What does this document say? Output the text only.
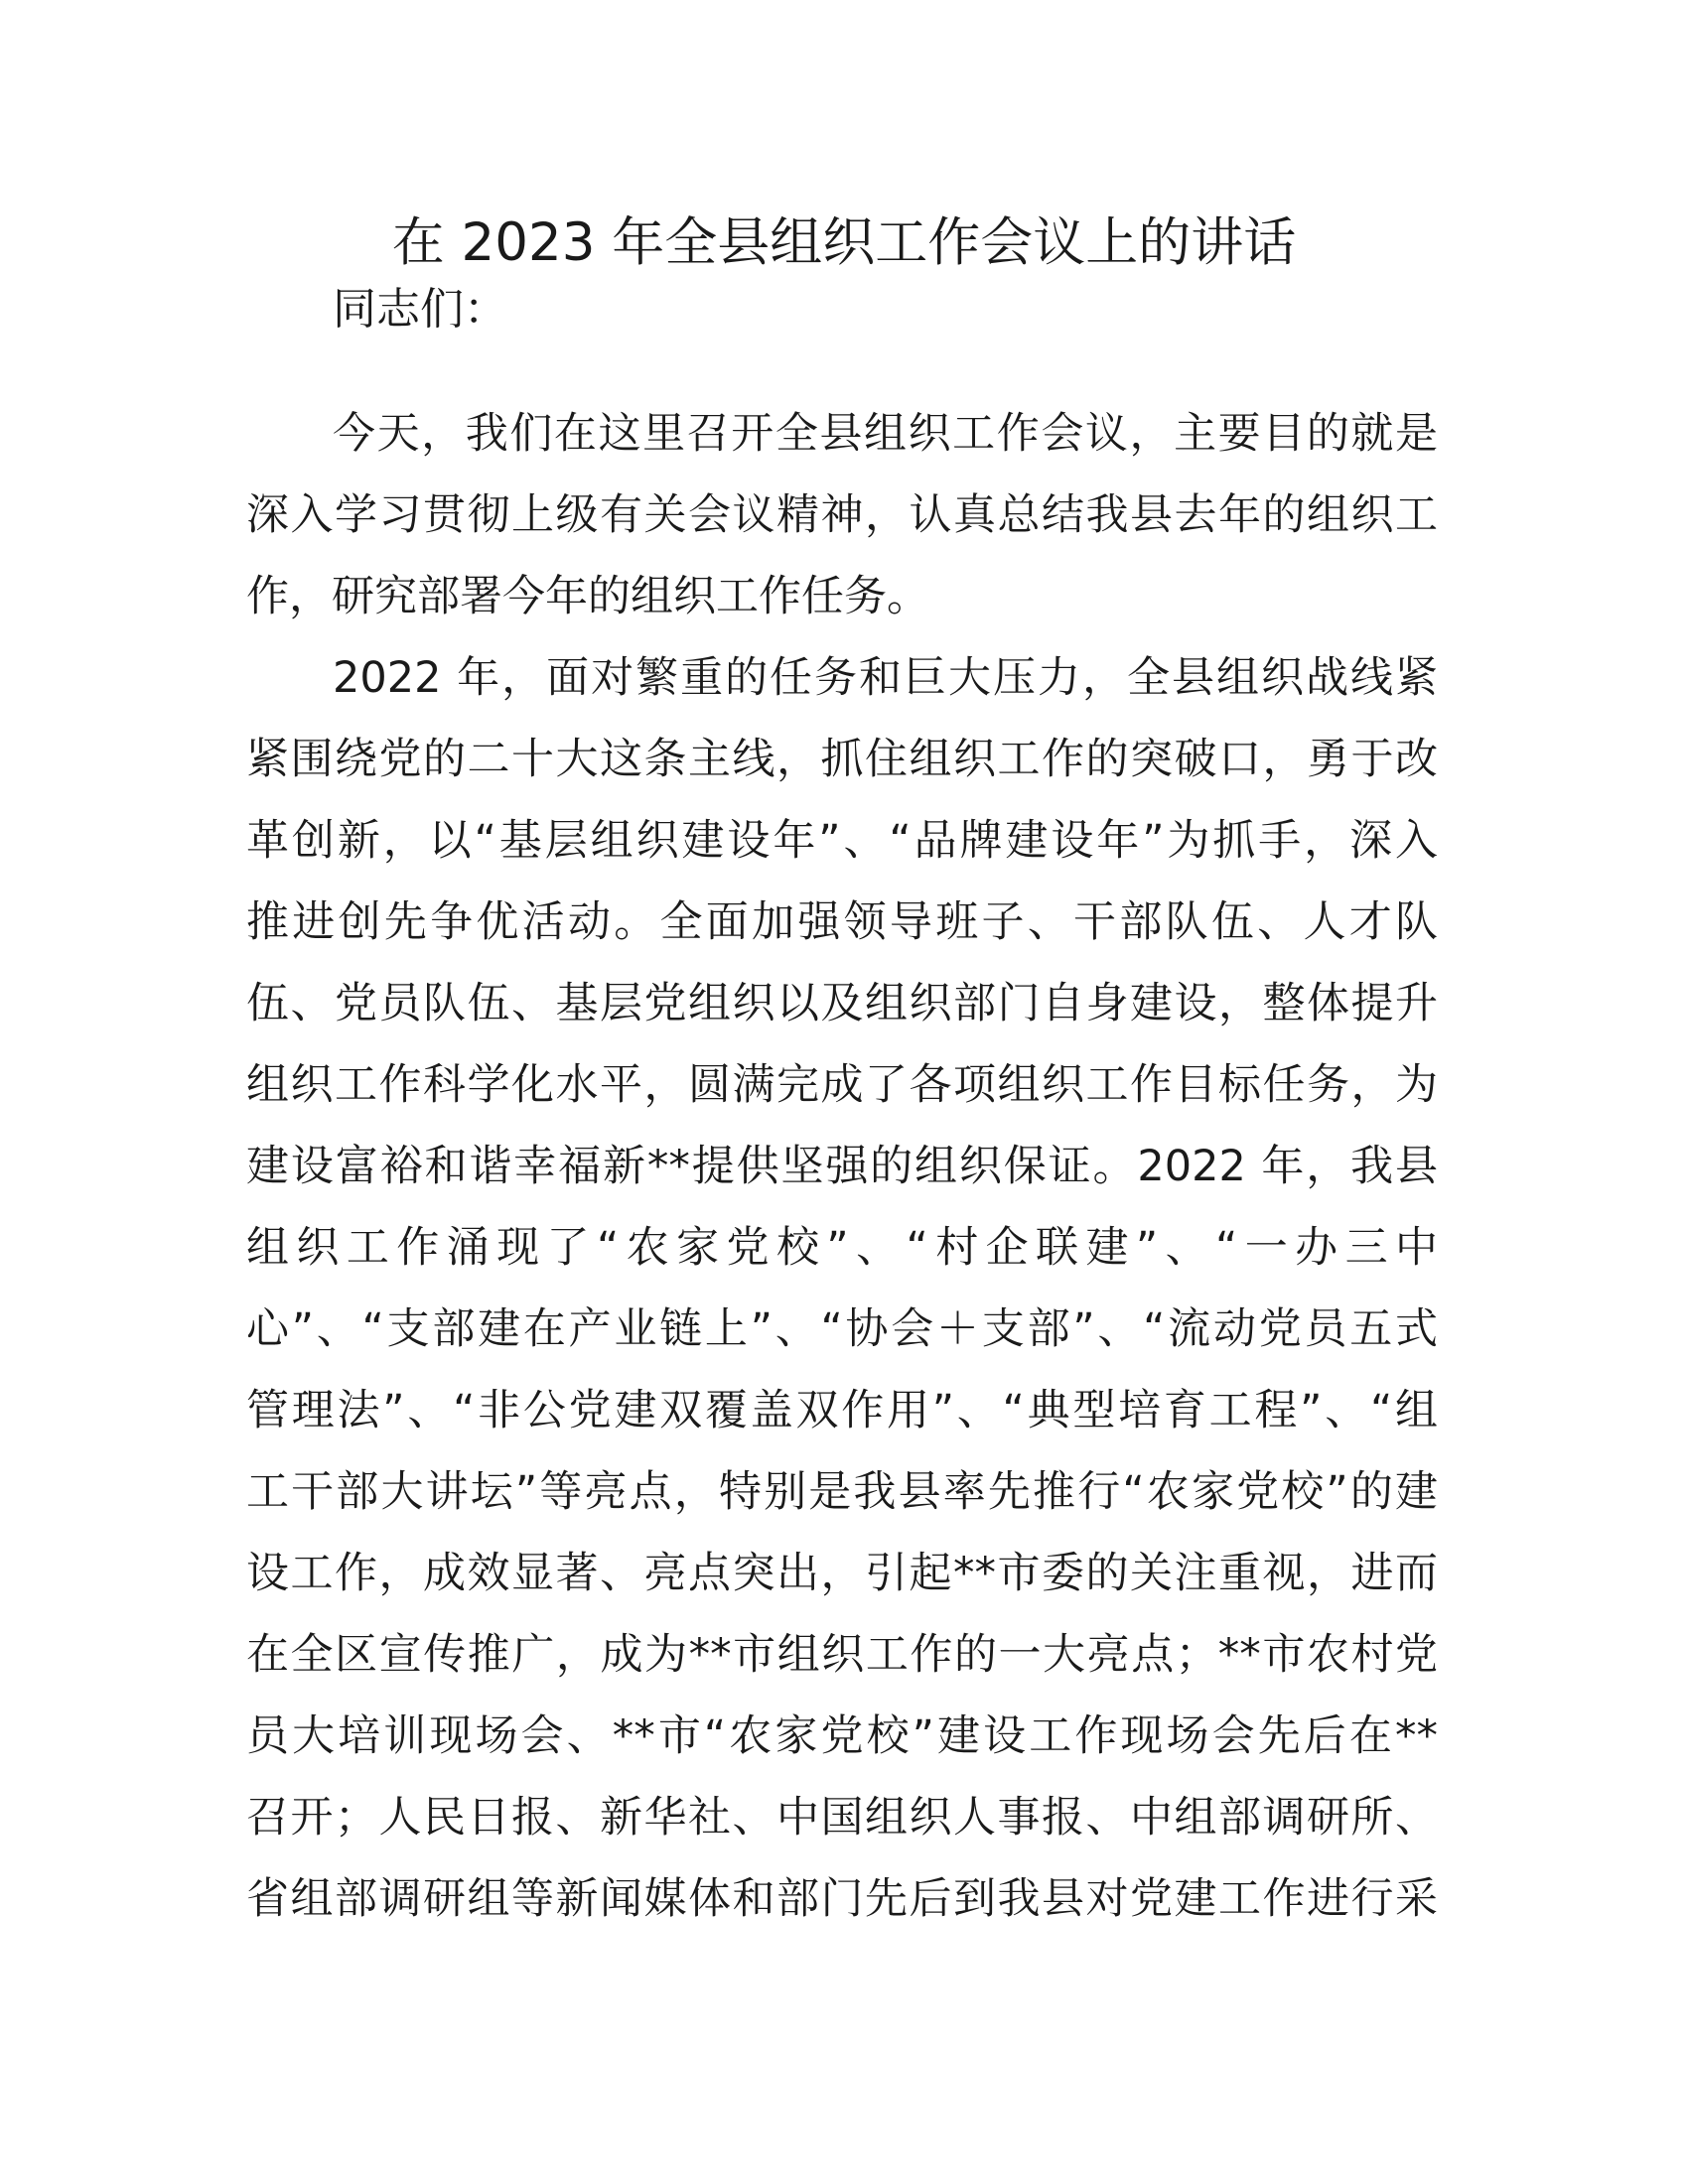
在 2023 年全县组织工作会议上的讲话
同志们：
今天，我们在这里召开全县组织工作会议，主要目的就是
深入学习贯彻上级有关会议精神，认真总结我县去年的组织工
作，研究部署今年的组织工作任务。
2022 年，面对繁重的任务和巨大压力，全县组织战线紧
紧围绕党的二十大这条主线，抓住组织工作的突破口，勇于改
革创新，以“基层组织建设年”、“品牌建设年”为抓手，深入
推进创先争优活动。全面加强领导班子、干部队伍、人才队
伍、党员队伍、基层党组织以及组织部门自身建设，整体提升
组织工作科学化水平，圆满完成了各项组织工作目标任务，为
建设富裕和谐幸福新**提供坚强的组织保证。2022 年，我县
组织工作涌现了“农家党校”、“村企联建”、“一办三中
心”、“支部建在产业链上”、“协会＋支部”、“流动党员五式
管理法”、“非公党建双覆盖双作用”、“典型培育工程”、“组
工干部大讲坛”等亮点，特别是我县率先推行“农家党校”的建
设工作，成效显著、亮点突出，引起**市委的关注重视，进而
在全区宣传推广，成为**市组织工作的一大亮点；**市农村党
员大培训现场会、**市“农家党校”建设工作现场会先后在**
召开；人民日报、新华社、中国组织人事报、中组部调研所、
省组部调研组等新闻媒体和部门先后到我县对党建工作进行采
